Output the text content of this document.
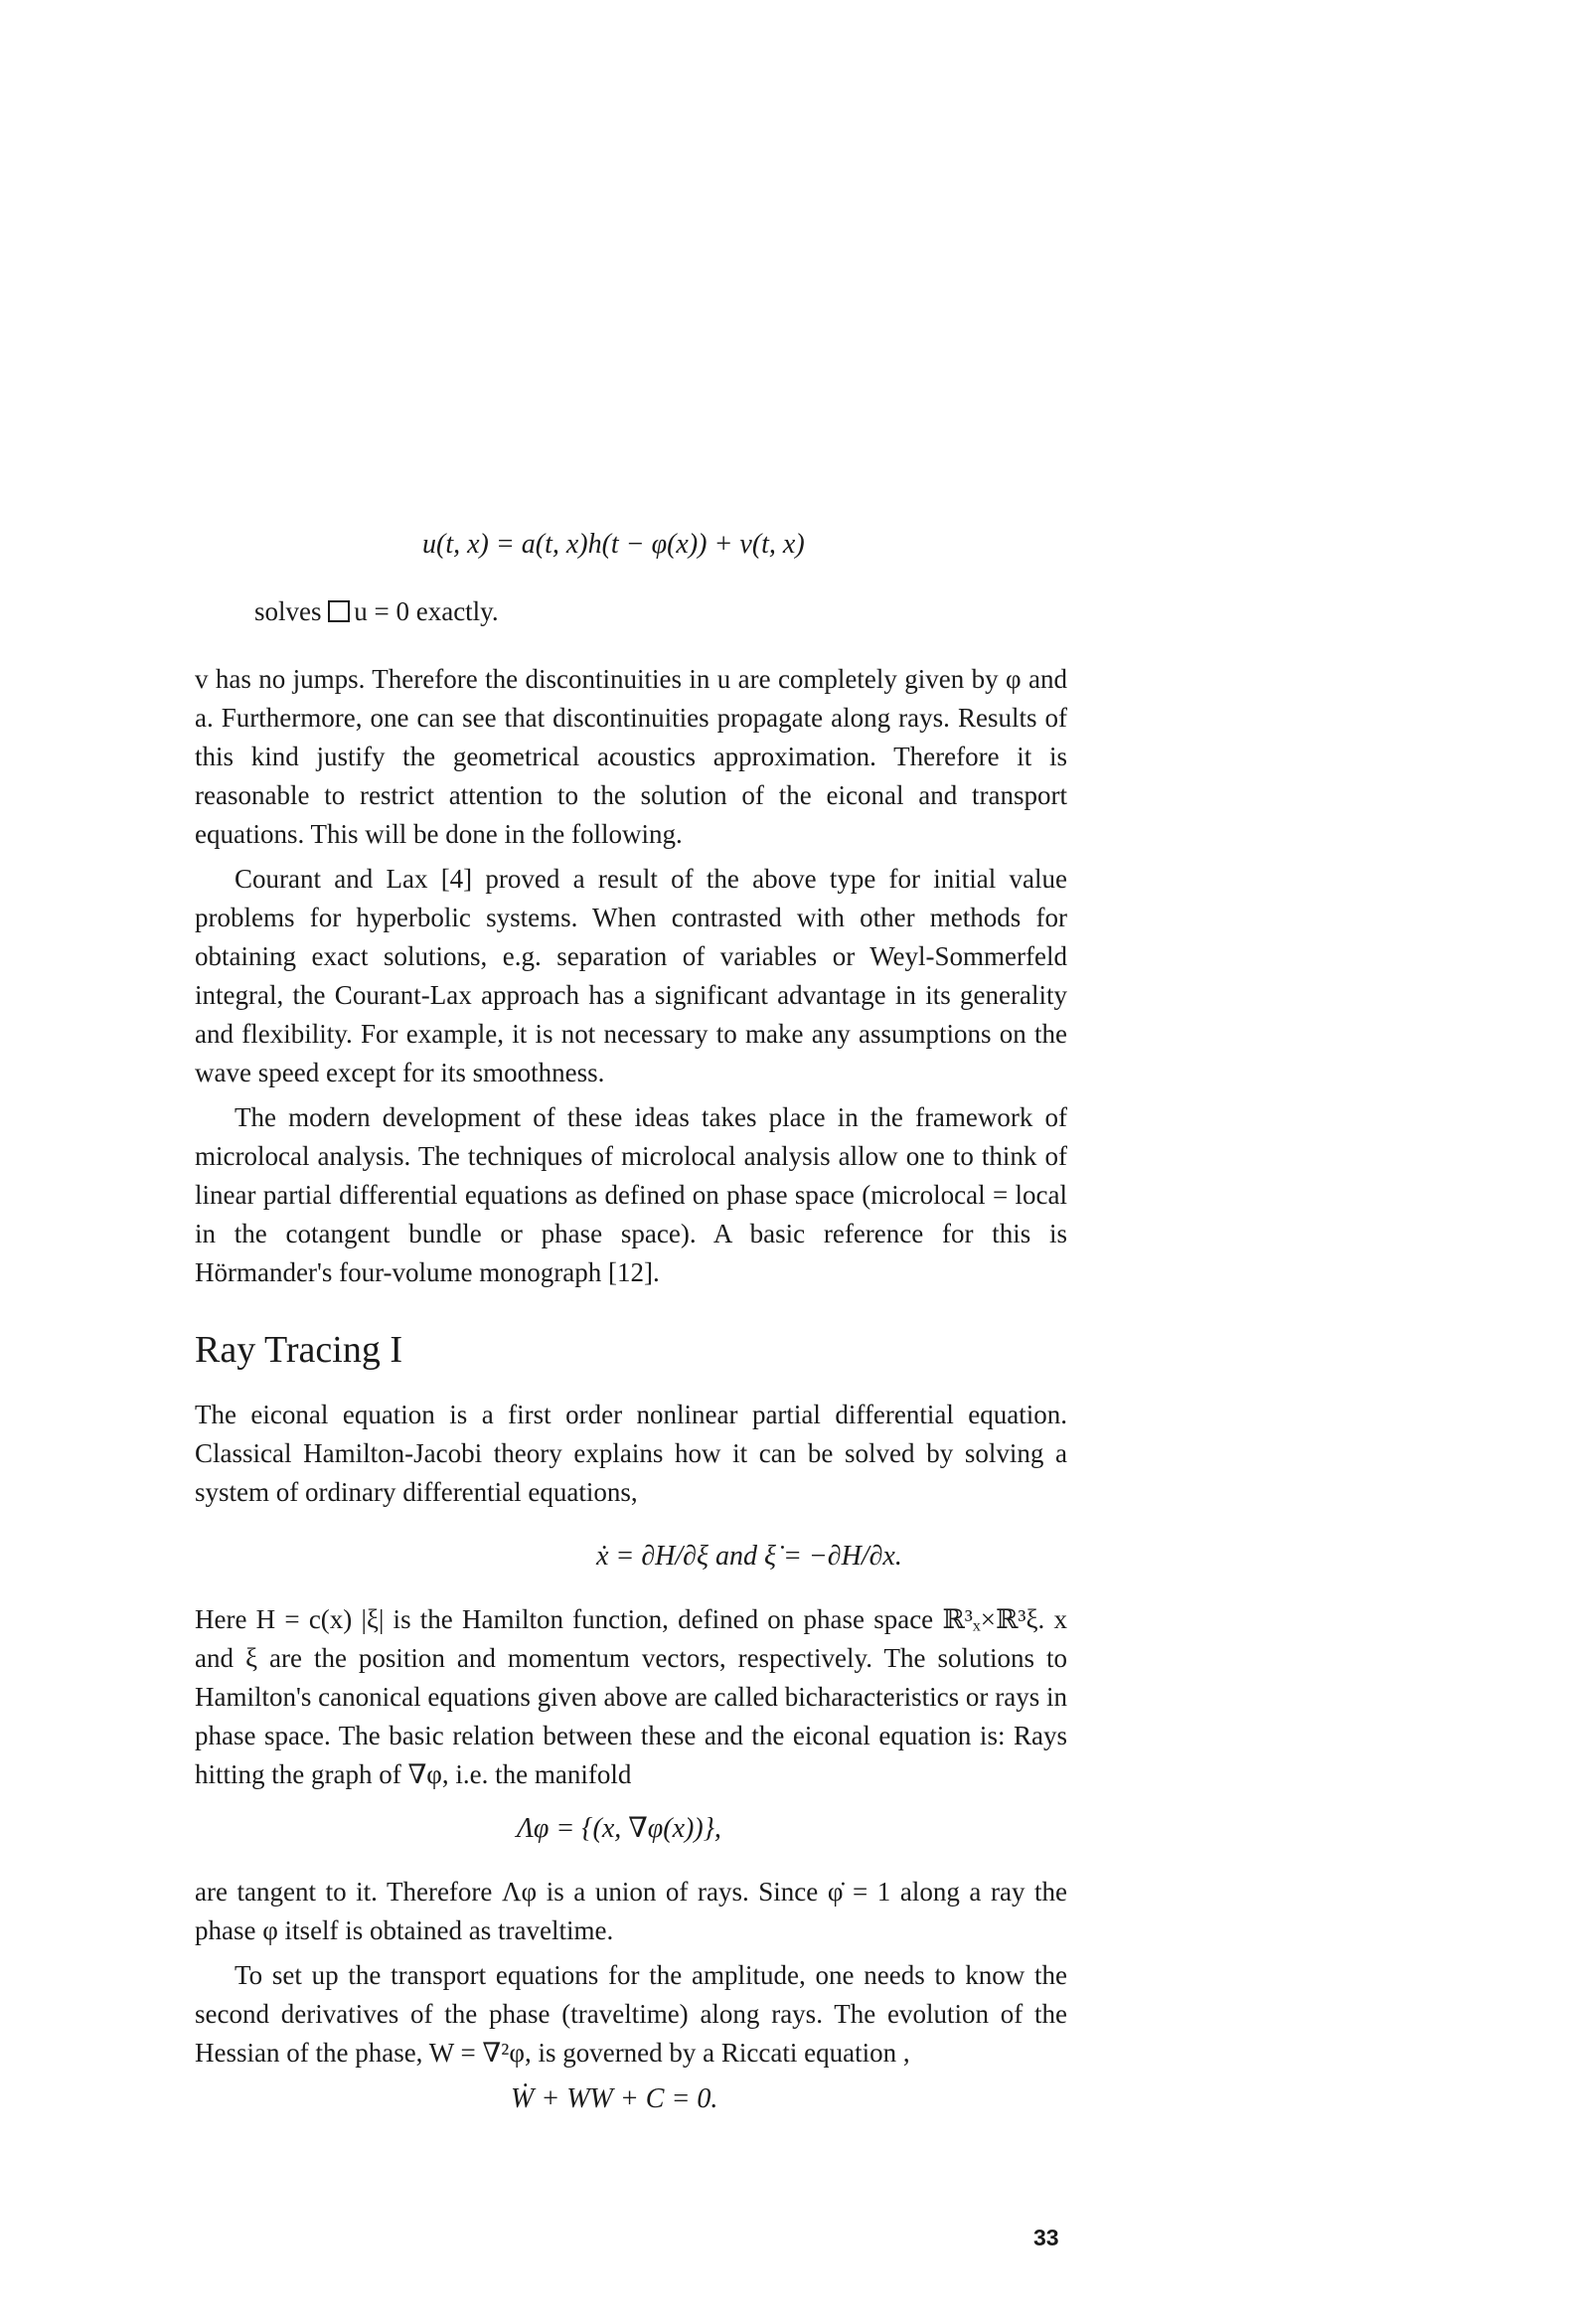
u(t, x) = a(t, x)h(t − φ(x)) + v(t, x)
solves u = 0 exactly.

v has no jumps. Therefore the discontinuities in u are completely given by φ and a. Furthermore, one can see that discontinuities propagate along rays. Results of this kind justify the geometrical acoustics approximation. Therefore it is reasonable to restrict attention to the solution of the eiconal and transport equations. This will be done in the following.

Courant and Lax [4] proved a result of the above type for initial value problems for hyperbolic systems. When contrasted with other methods for obtaining exact solutions, e.g. separation of variables or Weyl-Sommerfeld integral, the Courant-Lax approach has a significant advantage in its generality and flexibility. For example, it is not necessary to make any assumptions on the wave speed except for its smoothness.

The modern development of these ideas takes place in the framework of microlocal analysis. The techniques of microlocal analysis allow one to think of linear partial differential equations as defined on phase space (microlocal = local in the cotangent bundle or phase space). A basic reference for this is Hörmander's four-volume monograph [12].

Ray Tracing I

The eiconal equation is a first order nonlinear partial differential equation. Classical Hamilton-Jacobi theory explains how it can be solved by solving a system of ordinary differential equations,

ẋ = ∂H/∂ξ and ξ̇ = −∂H/∂x.

Here H = c(x) |ξ| is the Hamilton function, defined on phase space ℝ³ₓ×ℝ³ξ. x and ξ are the position and momentum vectors, respectively. The solutions to Hamilton's canonical equations given above are called bicharacteristics or rays in phase space. The basic relation between these and the eiconal equation is: Rays hitting the graph of ∇φ, i.e. the manifold

Λφ = {(x, ∇φ(x))},

are tangent to it. Therefore Λφ is a union of rays. Since φ̇ = 1 along a ray the phase φ itself is obtained as traveltime.

To set up the transport equations for the amplitude, one needs to know the second derivatives of the phase (traveltime) along rays. The evolution of the Hessian of the phase, W = ∇²φ, is governed by a Riccati equation ,

Ẇ + WW + C = 0.
33
